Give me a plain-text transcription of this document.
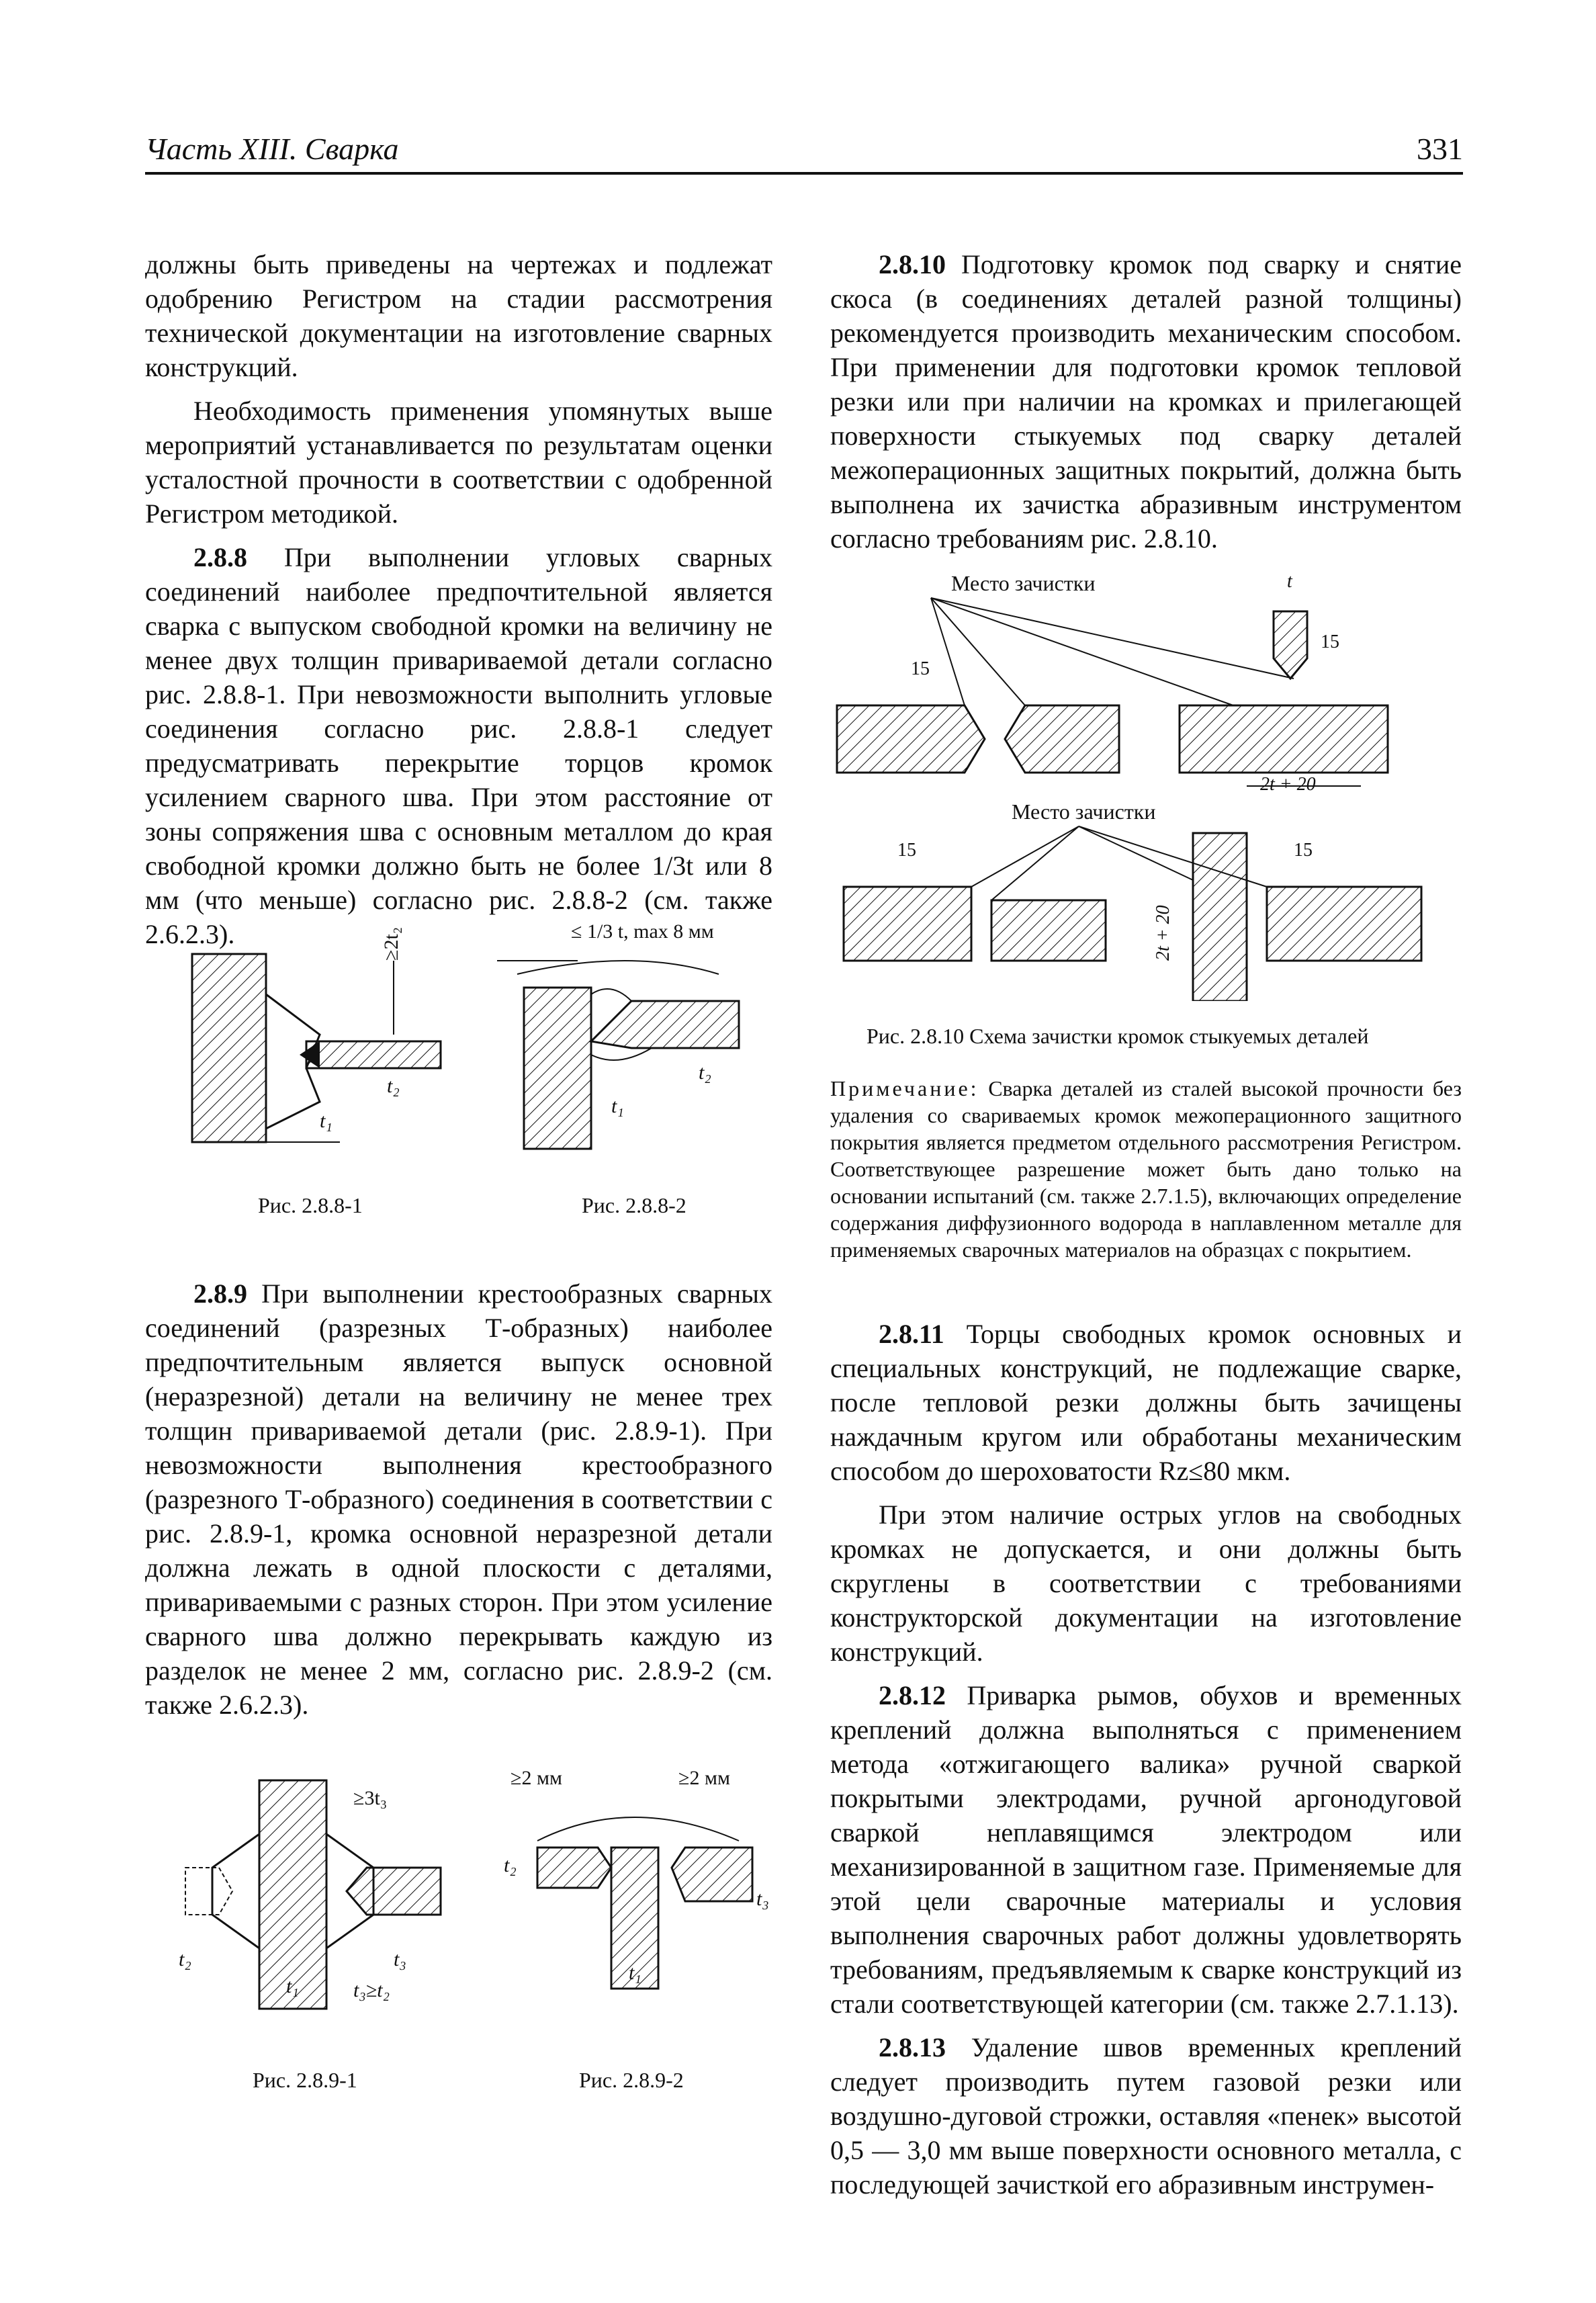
Часть XIII. Сварка	331

должны быть приведены на чертежах и подлежат одобрению Регистром на стадии рассмотрения технической документации на изготовление сварных конструкций.

Необходимость применения упомянутых выше мероприятий устанавливается по результатам оценки усталостной прочности в соответствии с одобренной Регистром методикой.

2.8.8 При выполнении угловых сварных соединений наиболее предпочтительной является сварка с выпуском свободной кромки на величину не менее двух толщин привариваемой детали согласно рис. 2.8.8-1. При невозможности выполнить угловые соединения согласно рис. 2.8.8-1 следует предусматривать перекрытие торцов кромок усилением сварного шва. При этом расстояние от зоны сопряжения шва с основным металлом до края свободной кромки должно быть не более 1/3t или 8 мм (что меньше) согласно рис. 2.8.8-2 (см. также 2.6.2.3).	≥2t₂
t₁
t₂
Рис. 2.8.8-1
≤ 1/3 t, max 8 мм
t₁
t₂
Рис. 2.8.8-2

2.8.9 При выполнении крестообразных сварных соединений (разрезных Т-образных) наиболее предпочтительным является выпуск основной (неразрезной) детали на величину не менее трех толщин привариваемой детали (рис. 2.8.9-1). При невозможности выполнения крестообразного (разрезного Т-образного) соединения в соответствии с рис. 2.8.9-1, кромка основной неразрезной детали должна лежать в одной плоскости с деталями, привариваемыми с разных сторон. При этом усиление сварного шва должно перекрывать каждую из разделок не менее 2 мм, согласно рис. 2.8.9-2 (см. также 2.6.2.3).

≥3t₃
t₂	t₃
t₁	t₃≥t₂
Рис. 2.8.9-1
≥2 мм	≥2 мм
t₂
t₃
t₁
Рис. 2.8.9-2

2.8.10 Подготовку кромок под сварку и снятие скоса (в соединениях деталей разной толщины) рекомендуется производить механическим способом. При применении для подготовки кромок тепловой резки или при наличии на кромках и прилегающей поверхности стыкуемых под сварку деталей межоперационных защитных покрытий, должна быть выполнена их зачистка абразивным инструментом согласно требованиям рис. 2.8.10.

Место зачистки
Место зачистки
15
15
15	15
t
2t + 20
2t + 20
Рис. 2.8.10 Схема зачистки кромок стыкуемых деталей
Примечание: Сварка деталей из сталей высокой прочности без удаления со свариваемых кромок межоперационного защитного покрытия является предметом отдельного рассмотрения Регистром. Соответствующее разрешение может быть дано только на основании испытаний (см. также 2.7.1.5), включающих определение содержания диффузионного водорода в наплавленном металле для применяемых сварочных материалов на образцах с покрытием.

2.8.11 Торцы свободных кромок основных и специальных конструкций, не подлежащие сварке, после тепловой резки должны быть зачищены наждачным кругом или обработаны механическим способом до шероховатости Rz≤80 мкм.

При этом наличие острых углов на свободных кромках не допускается, и они должны быть скруглены в соответствии с требованиями конструкторской документации на изготовление конструкций.

2.8.12 Приварка рымов, обухов и временных креплений должна выполняться с применением метода «отжигающего валика» ручной сваркой покрытыми электродами, ручной аргонодуговой сваркой неплавящимся электродом или механизированной в защитном газе. Применяемые для этой цели сварочные материалы и условия выполнения сварочных работ должны удовлетворять требованиям, предъявляемым к сварке конструкций из стали соответствующей категории (см. также 2.7.1.13).

2.8.13 Удаление швов временных креплений следует производить путем газовой резки или воздушно-дуговой строжки, оставляя «пенек» высотой 0,5 — 3,0 мм выше поверхности основного металла, с последующей зачисткой его абразивным инструмен-
